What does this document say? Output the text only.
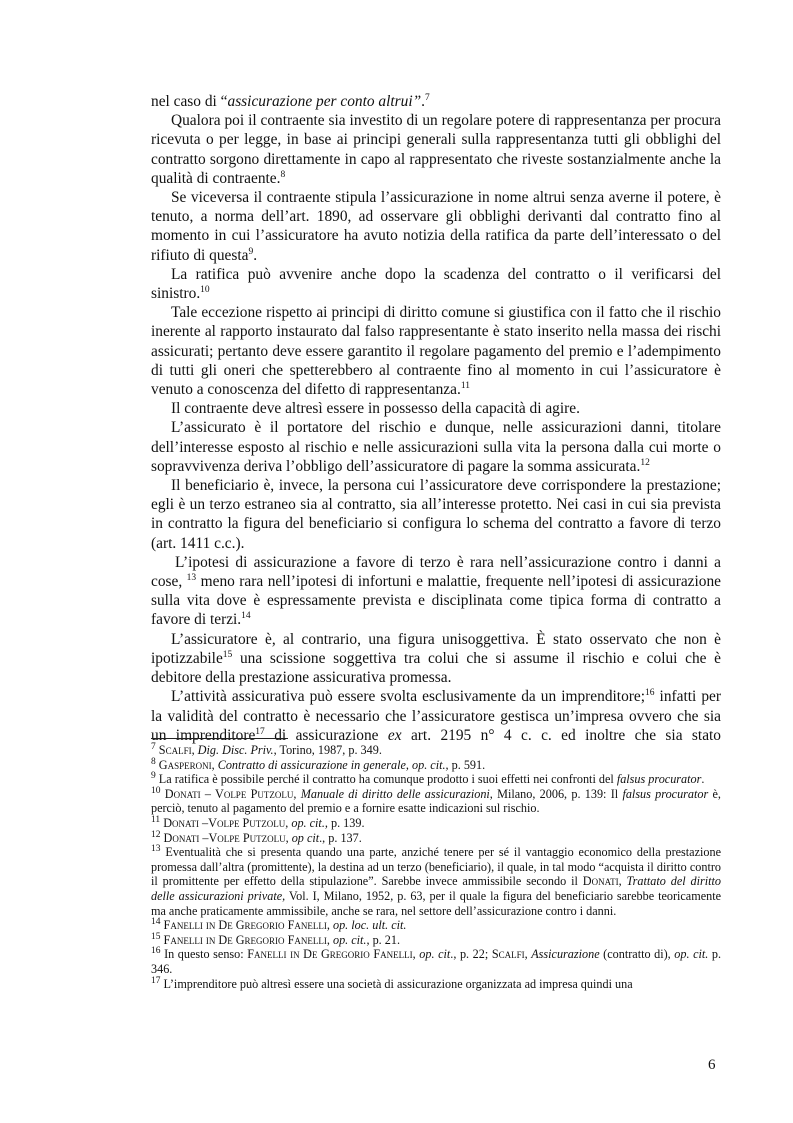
nel caso di “assicurazione per conto altrui”.$^7$

Qualora poi il contraente sia investito di un regolare potere di rappresentanza per procura ricevuta o per legge, in base ai principi generali sulla rappresentanza tutti gli obblighi del contratto sorgono direttamente in capo al rappresentato che riveste sostanzialmente anche la qualità di contraente.$^8$

Se viceversa il contraente stipula l’assicurazione in nome altrui senza averne il potere, è tenuto, a norma dell’art. 1890, ad osservare gli obblighi derivanti dal contratto fino al momento in cui l’assicuratore ha avuto notizia della ratifica da parte dell’interessato o del rifiuto di questa$^9$.

La ratifica può avvenire anche dopo la scadenza del contratto o il verificarsi del sinistro.$^{10}$

Tale eccezione rispetto ai principi di diritto comune si giustifica con il fatto che il rischio inerente al rapporto instaurato dal falso rappresentante è stato inserito nella massa dei rischi assicurati; pertanto deve essere garantito il regolare pagamento del premio e l’adempimento di tutti gli oneri che spetterebbero al contraente fino al momento in cui l’assicuratore è venuto a conoscenza del difetto di rappresentanza.$^{11}$

Il contraente deve altresì essere in possesso della capacità di agire.

L’assicurato è il portatore del rischio e dunque, nelle assicurazioni danni, titolare dell’interesse esposto al rischio e nelle assicurazioni sulla vita la persona dalla cui morte o sopravvivenza deriva l’obbligo dell’assicuratore di pagare la somma assicurata.$^{12}$

Il beneficiario è, invece, la persona cui l’assicuratore deve corrispondere la prestazione; egli è un terzo estraneo sia al contratto, sia all’interesse protetto. Nei casi in cui sia prevista in contratto la figura del beneficiario si configura lo schema del contratto a favore di terzo (art. 1411 c.c.).

L’ipotesi di assicurazione a favore di terzo è rara nell’assicurazione contro i danni a cose, $^{13}$ meno rara nell’ipotesi di infortuni e malattie, frequente nell’ipotesi di assicurazione sulla vita dove è espressamente prevista e disciplinata come tipica forma di contratto a favore di terzi.$^{14}$

L’assicuratore è, al contrario, una figura unisoggettiva. È stato osservato che non è ipotizzabile$^{15}$ una scissione soggettiva tra colui che si assume il rischio e colui che è debitore della prestazione assicurativa promessa.

L’attività assicurativa può essere svolta esclusivamente da un imprenditore;$^{16}$ infatti per la validità del contratto è necessario che l’assicuratore gestisca un’impresa ovvero che sia un imprenditore$^{17}$ di assicurazione ex art. 2195 n° 4 c. c. ed inoltre che sia stato

$^7$ Scalfi, Dig. Disc. Priv., Torino, 1987, p. 349.

$^8$ Gasperoni, Contratto di assicurazione in generale, op. cit., p. 591.

$^9$ La ratifica è possibile perché il contratto ha comunque prodotto i suoi effetti nei confronti del falsus procurator.

$^{10}$ Donati – Volpe Putzolu, Manuale di diritto delle assicurazioni, Milano, 2006, p. 139: Il falsus procurator è, perciò, tenuto al pagamento del premio e a fornire esatte indicazioni sul rischio.

$^{11}$ Donati –Volpe Putzolu, op. cit., p. 139.

$^{12}$ Donati –Volpe Putzolu, op cit., p. 137.

$^{13}$ Eventualità che si presenta quando una parte, anziché tenere per sé il vantaggio economico della prestazione promessa dall’altra (promittente), la destina ad un terzo (beneficiario), il quale, in tal modo “acquista il diritto contro il promittente per effetto della stipulazione”. Sarebbe invece ammissibile secondo il Donati, Trattato del diritto delle assicurazioni private, Vol. I, Milano, 1952, p. 63, per il quale la figura del beneficiario sarebbe teoricamente ma anche praticamente ammissibile, anche se rara, nel settore dell’assicurazione contro i danni.

$^{14}$ Fanelli in De Gregorio Fanelli, op. loc. ult. cit.

$^{15}$ Fanelli in De Gregorio Fanelli, op. cit., p. 21.

$^{16}$ In questo senso: Fanelli in De Gregorio Fanelli, op. cit., p. 22; Scalfi, Assicurazione (contratto di), op. cit. p. 346.

$^{17}$ L’imprenditore può altresì essere una società di assicurazione organizzata ad impresa quindi una

6
